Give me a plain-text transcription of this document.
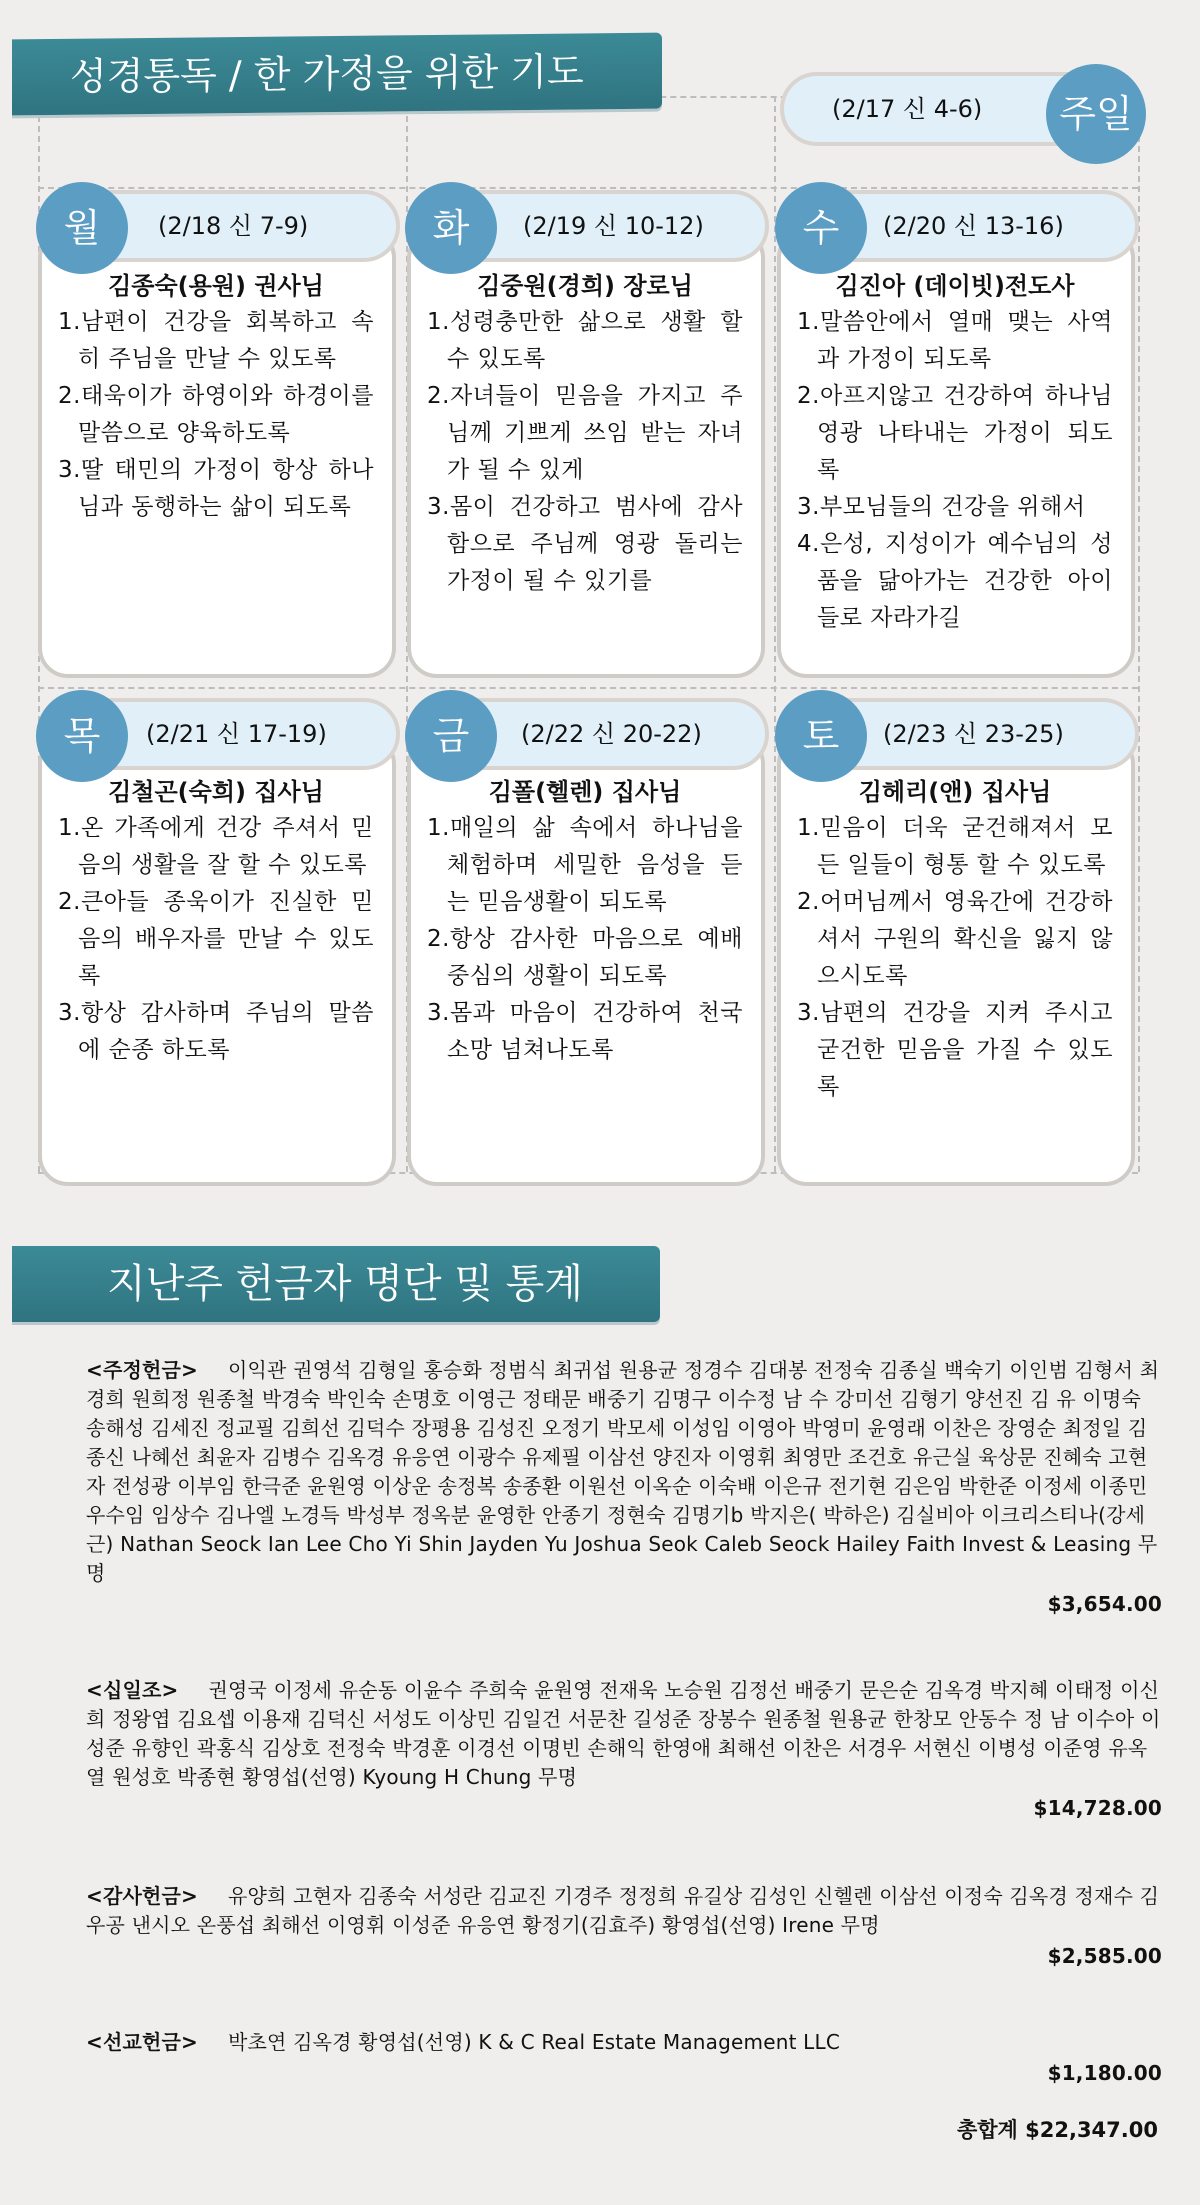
성경통독 / 한 가정을 위한 기도
(2/17 신 4-6)	주일
김종숙(용원) 권사님
1.남편이 건강을 회복하고 속히 주님을 만날 수 있도록
2.태욱이가 하영이와 하경이를 말씀으로 양육하도록
3.딸 태민의 가정이 항상 하나님과 동행하는 삶이 되도록
김중원(경희) 장로님
1.성령충만한 삶으로 생활 할 수 있도록
2.자녀들이 믿음을 가지고 주님께 기쁘게 쓰임 받는 자녀가 될 수 있게
3.몸이 건강하고 범사에 감사함으로 주님께 영광 돌리는 가정이 될 수 있기를
김진아 (데이빗)전도사
1.말씀안에서 열매 맺는 사역과 가정이 되도록
2.아프지않고 건강하여 하나님 영광 나타내는 가정이 되도록
3.부모님들의 건강을 위해서
4.은성, 지성이가 예수님의 성품을 닮아가는 건강한 아이들로 자라가길
월	(2/18 신 7-9)	화	(2/19 신 10-12)	수	(2/20 신 13-16)
김철곤(숙희) 집사님
1.온 가족에게 건강 주셔서 믿음의 생활을 잘 할 수 있도록
2.큰아들 종욱이가 진실한 믿음의 배우자를 만날 수 있도록
3.항상 감사하며 주님의 말씀에 순종 하도록
김폴(헬렌) 집사님
1.매일의 삶 속에서 하나님을 체험하며 세밀한 음성을 듣는 믿음생활이 되도록
2.항상 감사한 마음으로 예배 중심의 생활이 되도록
3.몸과 마음이 건강하여 천국 소망 넘쳐나도록
김헤리(앤) 집사님
1.믿음이 더욱 굳건해져서 모든 일들이 형통 할 수 있도록
2.어머님께서 영육간에 건강하셔서 구원의 확신을 잃지 않으시도록
3.남편의 건강을 지켜 주시고 굳건한 믿음을 가질 수 있도록
목	(2/21 신 17-19)	금	(2/22 신 20-22)	토	(2/23 신 23-25)
지난주 헌금자 명단 및 통계
<주정헌금> 이익관 권영석 김형일 홍승화 정범식 최귀섭 원용균 정경수 김대봉 전정숙 김종실 백숙기 이인범 김형서 최경희 원희정 원종철 박경숙 박인숙 손명호 이영근 정태문 배중기 김명구 이수정 남 수 강미선 김형기 양선진 김 유 이명숙 송해성 김세진 정교필 김희선 김덕수 장평용 김성진 오정기 박모세 이성임 이영아 박영미 윤영래 이찬은 장영순 최정일 김종신 나혜선 최윤자 김병수 김옥경 유응연 이광수 유제필 이삼선 양진자 이영휘 최영만 조건호 유근실 육상문 진혜숙 고현자 전성광 이부임 한극준 윤원영 이상운 송정복 송종환 이원선 이옥순 이숙배 이은규 전기현 김은임 박한준 이정세 이종민 우수임 임상수 김나엘 노경득 박성부 정옥분 윤영한 안종기 정현숙 김명기b 박지은( 박하은) 김실비아 이크리스티나(강세근) Nathan Seock Ian Lee Cho Yi Shin Jayden Yu Joshua Seok Caleb Seock Hailey Faith Invest & Leasing 무명
$3,654.00
<십일조> 권영국 이정세 유순동 이윤수 주희숙 윤원영 전재욱 노승원 김정선 배중기 문은순 김옥경 박지혜 이태정 이신희 정왕엽 김요셉 이용재 김덕신 서성도 이상민 김일건 서문찬 길성준 장봉수 원종철 원용균 한창모 안동수 정 남 이수아 이성준 유향인 곽홍식 김상호 전정숙 박경훈 이경선 이명빈 손해익 한영애 최해선 이찬은 서경우 서현신 이병성 이준영 유옥열 원성호 박종현 황영섭(선영) Kyoung H Chung 무명
$14,728.00
<감사헌금> 유양희 고현자 김종숙 서성란 김교진 기경주 정정희 유길상 김성인 신헬렌 이삼선 이정숙 김옥경 정재수 김우공 낸시오 온풍섭 최해선 이영휘 이성준 유응연 황정기(김효주) 황영섭(선영) Irene 무명
$2,585.00
<선교헌금> 박초연 김옥경 황영섭(선영) K & C Real Estate Management LLC
$1,180.00
총합계 $22,347.00
